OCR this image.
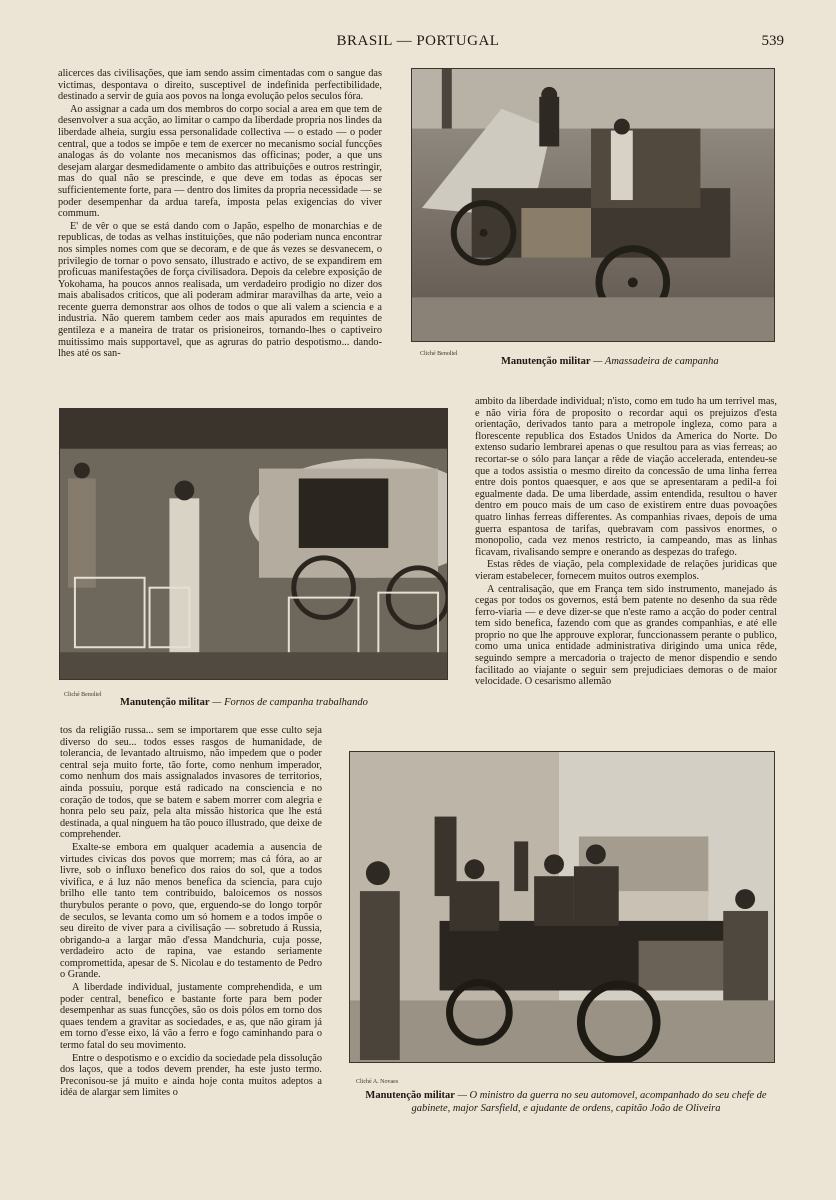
BRASIL — PORTUGAL	539

alicerces das civilisações, que iam sendo assim cimentadas com o sangue das victimas, despontava o direito, susceptivel de indefinida perfectibilidade, destinado a servir de guia aos povos na longa evolução pelos seculos fóra.

Ao assignar a cada um dos membros do corpo social a area em que tem de desenvolver a sua acção, ao limitar o campo da liberdade propria nos lindes da liberdade alheia, surgiu essa personalidade collectiva — o estado — o poder central, que a todos se impõe e tem de exercer no mecanismo social funcções analogas ás do volante nos mecanismos das officinas; poder, a que uns desejam alargar desmedidamente o ambito das attribuições e outros restringir, mas do qual não se prescinde, e que deve em todas as épocas ser sufficientemente forte, para — dentro dos limites da propria necessidade — se poder desempenhar da ardua tarefa, imposta pelas exigencias do viver commum.

E' de vêr o que se está dando com o Japão, espelho de monarchias e de republicas, de todas as velhas instituições, que não poderiam nunca encontrar nos simples nomes com que se decoram, e de que ás vezes se desvanecem, o privilegio de tornar o povo sensato, illustrado e activo, de se expandirem em proficuas manifestações de força civilisadora. Depois da celebre exposição de Yokohama, ha poucos annos realisada, um verdadeiro prodigio no dizer dos mais abalisados criticos, que ali poderam admirar maravilhas da arte, veio a recente guerra demonstrar aos olhos de todos o que ali valem a sciencia e a industria. Não querem tambem ceder aos mais apurados em requintes de gentileza e a maneira de tratar os prisioneiros, tornando-lhes o captiveiro muitissimo mais supportavel, que as agruras do patrio despotismo... dando-lhes até os san-	Cliché Benoliel
Manutenção militar — Amassadeira de campanha
Cliché Benoliel
Manutenção militar — Fornos de campanha trabalhando

ambito da liberdade individual; n'isto, como em tudo ha um terrivel mas, e não viria fóra de proposito o recordar aqui os prejuizos d'esta orientação, derivados tanto para a metropole ingleza, como para a florescente republica dos Estados Unidos da America do Norte. Do extenso sudario lembrarei apenas o que resultou para as vias ferreas; ao recortar-se o sólo para lançar a rêde de viação accelerada, entendeu-se que a todos assistia o mesmo direito da concessão de uma linha ferrea entre dois pontos quaesquer, e aos que se apresentaram a pedil-a foi egualmente dada. De uma liberdade, assim entendida, resultou o haver dentro em pouco mais de um caso de existirem entre duas povoações quatro linhas ferreas differentes. As companhias rivaes, depois de uma guerra espantosa de tarifas, quebravam com passivos enormes, o monopolio, cada vez menos restricto, ia campeando, mas as linhas ficavam, rivalisando sempre e onerando as despezas do trafego.

Estas rêdes de viação, pela complexidade de relações juridicas que vieram estabelecer, fornecem muitos outros exemplos.

A centralisação, que em França tem sido instrumento, manejado ás cegas por todos os governos, está bem patente no desenho da sua rêde ferro-viaria — e deve dizer-se que n'este ramo a acção do poder central tem sido benefica, fazendo com que as grandes companhias, e até elle proprio no que lhe approuve explorar, funccionassem perante o publico, como uma unica entidade administrativa dirigindo uma unica rêde, seguindo sempre a mercadoria o trajecto de menor dispendio e sendo facilitado ao viajante o seguir sem prejudiciaes demoras o de maior velocidade. O cesarismo allemão

tos da religião russa... sem se importarem que esse culto seja diverso do seu... todos esses rasgos de humanidade, de tolerancia, de levantado altruismo, não impedem que o poder central seja muito forte, tão forte, como nenhum imperador, como nenhum dos mais assignalados invasores de territorios, ainda possuiu, porque está radicado na consciencia e no coração de todos, que se batem e sabem morrer com alegria e honra pelo seu paiz, pela alta missão historica que lhe está destinada, a qual ninguem ha tão pouco illustrado, que deixe de comprehender.

Exalte-se embora em qualquer academia a ausencia de virtudes civicas dos povos que morrem; mas cá fóra, ao ar livre, sob o influxo benefico dos raios do sol, que a todos vivifica, e á luz não menos benefica da sciencia, para cujo brilho elle tanto tem contribuido, baloicemos os nossos thurybulos perante o povo, que, erguendo-se do longo torpôr de seculos, se levanta como um só homem e a todos impõe o seu direito de viver para a civilisação — sobretudo á Russia, obrigando-a a largar mão d'essa Mandchuria, cuja posse, verdadeiro acto de rapina, vae estando seriamente compromettida, apesar de S. Nicolau e do testamento de Pedro o Grande.

A liberdade individual, justamente comprehendida, e um poder central, benefico e bastante forte para bem poder desempenhar as suas funcções, são os dois pólos em torno dos quaes tendem a gravitar as sociedades, e as, que não giram já em torno d'esse eixo, lá vão a ferro e fogo caminhando para o termo fatal do seu movimento.

Entre o despotismo e o excidio da sociedade pela dissolução dos laços, que a todos devem prender, ha este justo termo. Preconisou-se já muito e ainda hoje conta muitos adeptos a idéa de alargar sem limites o

Cliché A. Novaes
Manutenção militar — O ministro da guerra no seu automovel, acompanhado do seu chefe de gabinete, major Sarsfield, e ajudante de ordens, capitão João de Oliveira
